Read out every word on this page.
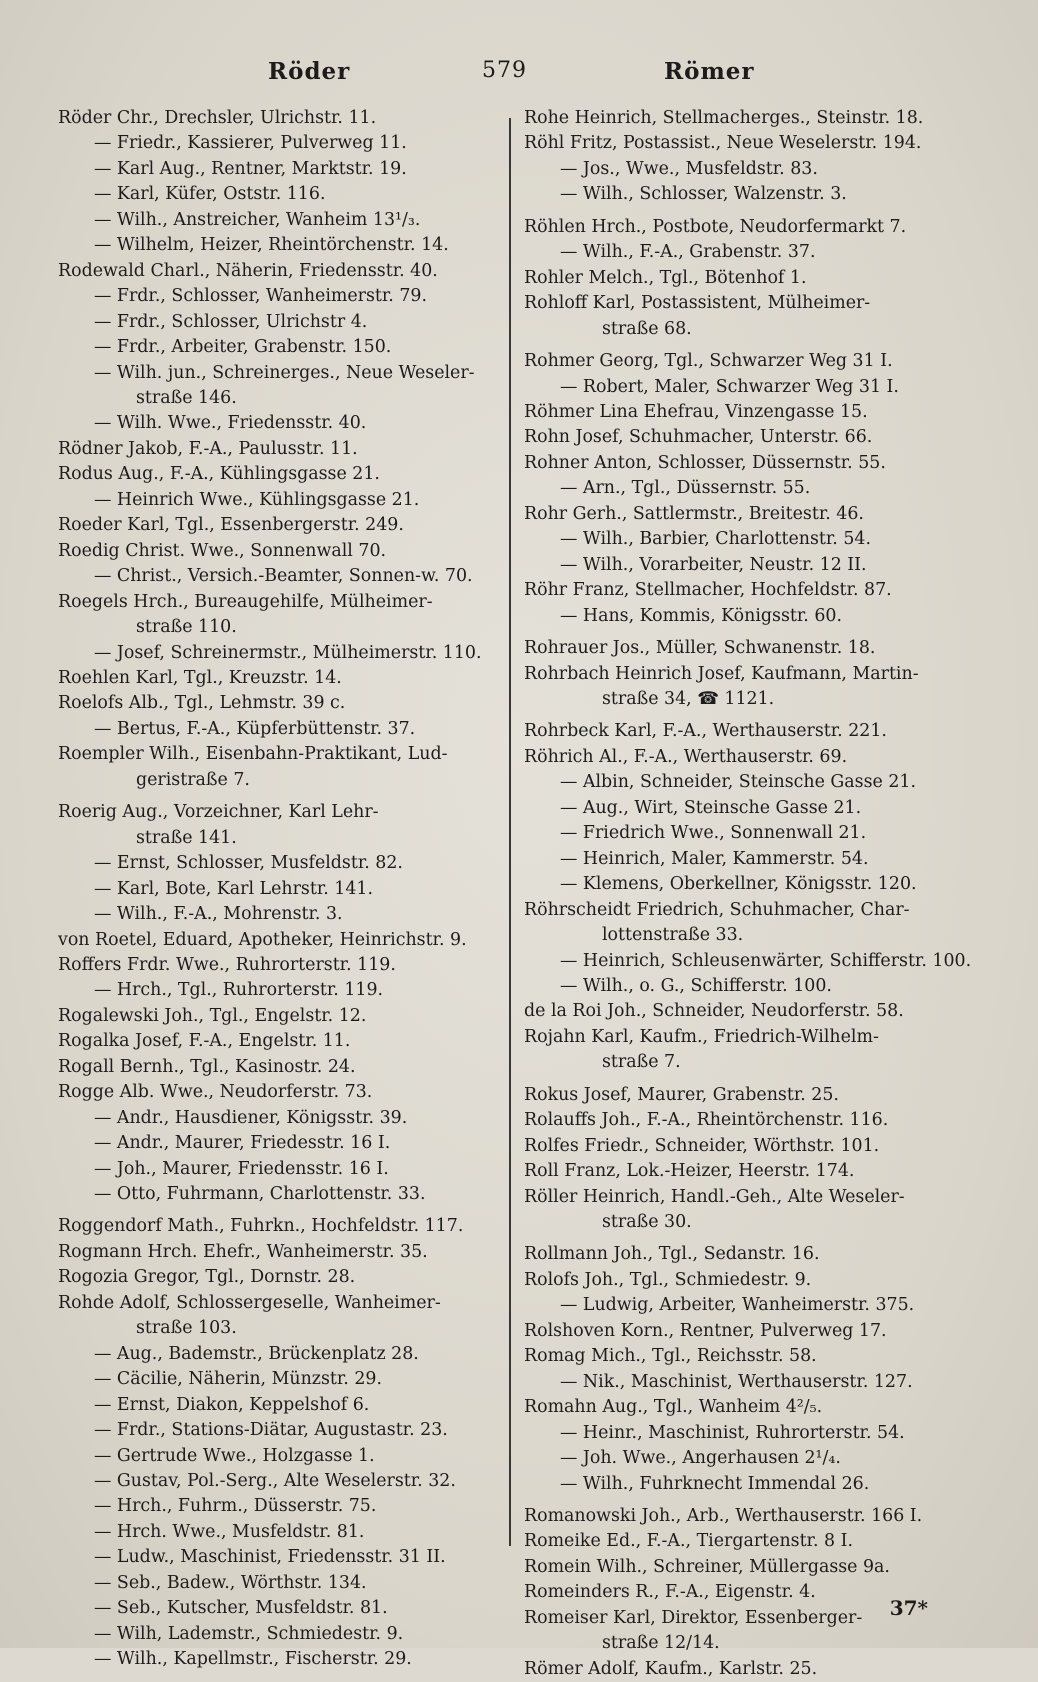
Röder	579	Römer
Röder Chr., Drechsler, Ulrichstr. 11.
— Friedr., Kassierer, Pulverweg 11.
— Karl Aug., Rentner, Marktstr. 19.
— Karl, Küfer, Oststr. 116.
— Wilh., Anstreicher, Wanheim 13¹/₃.
— Wilhelm, Heizer, Rheintörchenstr. 14.
Rodewald Charl., Näherin, Friedensstr. 40.
— Frdr., Schlosser, Wanheimerstr. 79.
— Frdr., Schlosser, Ulrichstr 4.
— Frdr., Arbeiter, Grabenstr. 150.
— Wilh. jun., Schreinerges., Neue Weseler-
straße 146.
— Wilh. Wwe., Friedensstr. 40.
Rödner Jakob, F.-A., Paulusstr. 11.
Rodus Aug., F.-A., Kühlingsgasse 21.
— Heinrich Wwe., Kühlingsgasse 21.
Roeder Karl, Tgl., Essenbergerstr. 249.
Roedig Christ. Wwe., Sonnenwall 70.
— Christ., Versich.-Beamter, Sonnen-w. 70.
Roegels Hrch., Bureaugehilfe, Mülheimer-
straße 110.
— Josef, Schreinermstr., Mülheimerstr. 110.
Roehlen Karl, Tgl., Kreuzstr. 14.
Roelofs Alb., Tgl., Lehmstr. 39 c.
— Bertus, F.-A., Küpferbüttenstr. 37.
Roempler Wilh., Eisenbahn-Praktikant, Lud-
geristraße 7.
Roerig Aug., Vorzeichner, Karl Lehr-
straße 141.
— Ernst, Schlosser, Musfeldstr. 82.
— Karl, Bote, Karl Lehrstr. 141.
— Wilh., F.-A., Mohrenstr. 3.
von Roetel, Eduard, Apotheker, Heinrichstr. 9.
Roffers Frdr. Wwe., Ruhrorterstr. 119.
— Hrch., Tgl., Ruhrorterstr. 119.
Rogalewski Joh., Tgl., Engelstr. 12.
Rogalka Josef, F.-A., Engelstr. 11.
Rogall Bernh., Tgl., Kasinostr. 24.
Rogge Alb. Wwe., Neudorferstr. 73.
— Andr., Hausdiener, Königsstr. 39.
— Andr., Maurer, Friedesstr. 16 I.
— Joh., Maurer, Friedensstr. 16 I.
— Otto, Fuhrmann, Charlottenstr. 33.
Roggendorf Math., Fuhrkn., Hochfeldstr. 117.
Rogmann Hrch. Ehefr., Wanheimerstr. 35.
Rogozia Gregor, Tgl., Dornstr. 28.
Rohde Adolf, Schlossergeselle, Wanheimer-
straße 103.
— Aug., Bademstr., Brückenplatz 28.
— Cäcilie, Näherin, Münzstr. 29.
— Ernst, Diakon, Keppelshof 6.
— Frdr., Stations-Diätar, Augustastr. 23.
— Gertrude Wwe., Holzgasse 1.
— Gustav, Pol.-Serg., Alte Weselerstr. 32.
— Hrch., Fuhrm., Düsserstr. 75.
— Hrch. Wwe., Musfeldstr. 81.
— Ludw., Maschinist, Friedensstr. 31 II.
— Seb., Badew., Wörthstr. 134.
— Seb., Kutscher, Musfeldstr. 81.
— Wilh, Lademstr., Schmiedestr. 9.
— Wilh., Kapellmstr., Fischerstr. 29.
Rohe Heinrich, Stellmacherges., Steinstr. 18.
Röhl Fritz, Postassist., Neue Weselerstr. 194.
— Jos., Wwe., Musfeldstr. 83.
— Wilh., Schlosser, Walzenstr. 3.
Röhlen Hrch., Postbote, Neudorfermarkt 7.
— Wilh., F.-A., Grabenstr. 37.
Rohler Melch., Tgl., Bötenhof 1.
Rohloff Karl, Postassistent, Mülheimer-
straße 68.
Rohmer Georg, Tgl., Schwarzer Weg 31 I.
— Robert, Maler, Schwarzer Weg 31 I.
Röhmer Lina Ehefrau, Vinzengasse 15.
Rohn Josef, Schuhmacher, Unterstr. 66.
Rohner Anton, Schlosser, Düssernstr. 55.
— Arn., Tgl., Düssernstr. 55.
Rohr Gerh., Sattlermstr., Breitestr. 46.
— Wilh., Barbier, Charlottenstr. 54.
— Wilh., Vorarbeiter, Neustr. 12 II.
Röhr Franz, Stellmacher, Hochfeldstr. 87.
— Hans, Kommis, Königsstr. 60.
Rohrauer Jos., Müller, Schwanenstr. 18.
Rohrbach Heinrich Josef, Kaufmann, Martin-
straße 34, ☎ 1121.
Rohrbeck Karl, F.-A., Werthauserstr. 221.
Röhrich Al., F.-A., Werthauserstr. 69.
— Albin, Schneider, Steinsche Gasse 21.
— Aug., Wirt, Steinsche Gasse 21.
— Friedrich Wwe., Sonnenwall 21.
— Heinrich, Maler, Kammerstr. 54.
— Klemens, Oberkellner, Königsstr. 120.
Röhrscheidt Friedrich, Schuhmacher, Char-
lottenstraße 33.
— Heinrich, Schleusenwärter, Schifferstr. 100.
— Wilh., o. G., Schifferstr. 100.
de la Roi Joh., Schneider, Neudorferstr. 58.
Rojahn Karl, Kaufm., Friedrich-Wilhelm-
straße 7.
Rokus Josef, Maurer, Grabenstr. 25.
Rolauffs Joh., F.-A., Rheintörchenstr. 116.
Rolfes Friedr., Schneider, Wörthstr. 101.
Roll Franz, Lok.-Heizer, Heerstr. 174.
Röller Heinrich, Handl.-Geh., Alte Weseler-
straße 30.
Rollmann Joh., Tgl., Sedanstr. 16.
Rolofs Joh., Tgl., Schmiedestr. 9.
— Ludwig, Arbeiter, Wanheimerstr. 375.
Rolshoven Korn., Rentner, Pulverweg 17.
Romag Mich., Tgl., Reichsstr. 58.
— Nik., Maschinist, Werthauserstr. 127.
Romahn Aug., Tgl., Wanheim 4²/₅.
— Heinr., Maschinist, Ruhrorterstr. 54.
— Joh. Wwe., Angerhausen 2¹/₄.
— Wilh., Fuhrknecht Immendal 26.
Romanowski Joh., Arb., Werthauserstr. 166 I.
Romeike Ed., F.-A., Tiergartenstr. 8 I.
Romein Wilh., Schreiner, Müllergasse 9a.
Romeinders R., F.-A., Eigenstr. 4.
Romeiser Karl, Direktor, Essenberger-
straße 12/14.
Römer Adolf, Kaufm., Karlstr. 25.
37*
